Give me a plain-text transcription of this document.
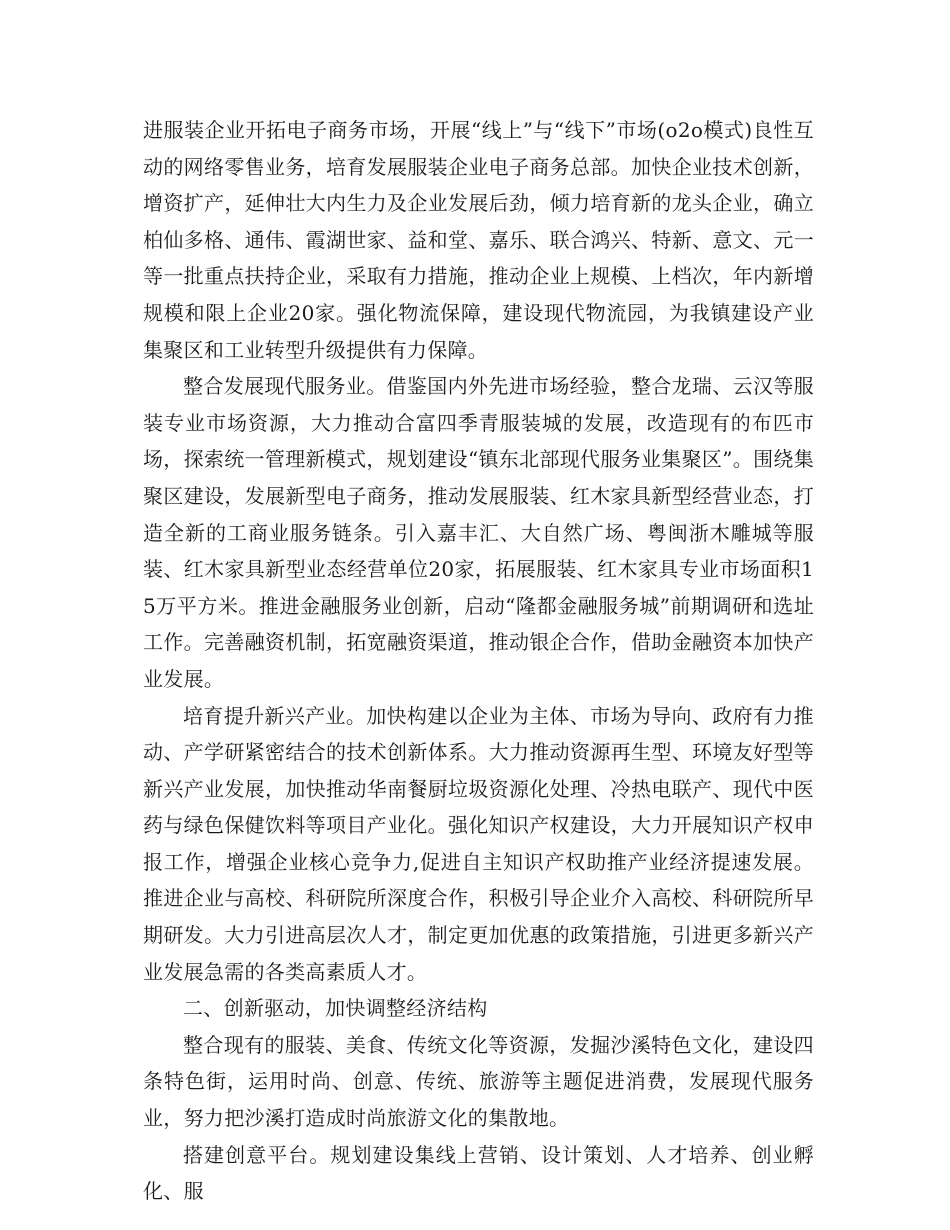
进服装企业开拓电子商务市场，开展“线上”与“线下”市场(o2o模式)良性互动的网络零售业务，培育发展服装企业电子商务总部。加快企业技术创新，增资扩产，延伸壮大内生力及企业发展后劲，倾力培育新的龙头企业，确立柏仙多格、通伟、霞湖世家、益和堂、嘉乐、联合鸿兴、特新、意文、元一等一批重点扶持企业，采取有力措施，推动企业上规模、上档次，年内新增规模和限上企业20家。强化物流保障，建设现代物流园，为我镇建设产业集聚区和工业转型升级提供有力保障。

整合发展现代服务业。借鉴国内外先进市场经验，整合龙瑞、云汉等服装专业市场资源，大力推动合富四季青服装城的发展，改造现有的布匹市场，探索统一管理新模式，规划建设“镇东北部现代服务业集聚区”。围绕集聚区建设，发展新型电子商务，推动发展服装、红木家具新型经营业态，打造全新的工商业服务链条。引入嘉丰汇、大自然广场、粤闽浙木雕城等服装、红木家具新型业态经营单位20家，拓展服装、红木家具专业市场面积15万平方米。推进金融服务业创新，启动“隆都金融服务城”前期调研和选址工作。完善融资机制，拓宽融资渠道，推动银企合作，借助金融资本加快产业发展。

培育提升新兴产业。加快构建以企业为主体、市场为导向、政府有力推动、产学研紧密结合的技术创新体系。大力推动资源再生型、环境友好型等新兴产业发展，加快推动华南餐厨垃圾资源化处理、冷热电联产、现代中医药与绿色保健饮料等项目产业化。强化知识产权建设，大力开展知识产权申报工作，增强企业核心竞争力,促进自主知识产权助推产业经济提速发展。推进企业与高校、科研院所深度合作，积极引导企业介入高校、科研院所早期研发。大力引进高层次人才，制定更加优惠的政策措施，引进更多新兴产业发展急需的各类高素质人才。

二、创新驱动，加快调整经济结构

整合现有的服装、美食、传统文化等资源，发掘沙溪特色文化，建设四条特色街，运用时尚、创意、传统、旅游等主题促进消费，发展现代服务业，努力把沙溪打造成时尚旅游文化的集散地。

搭建创意平台。规划建设集线上营销、设计策划、人才培养、创业孵化、服
